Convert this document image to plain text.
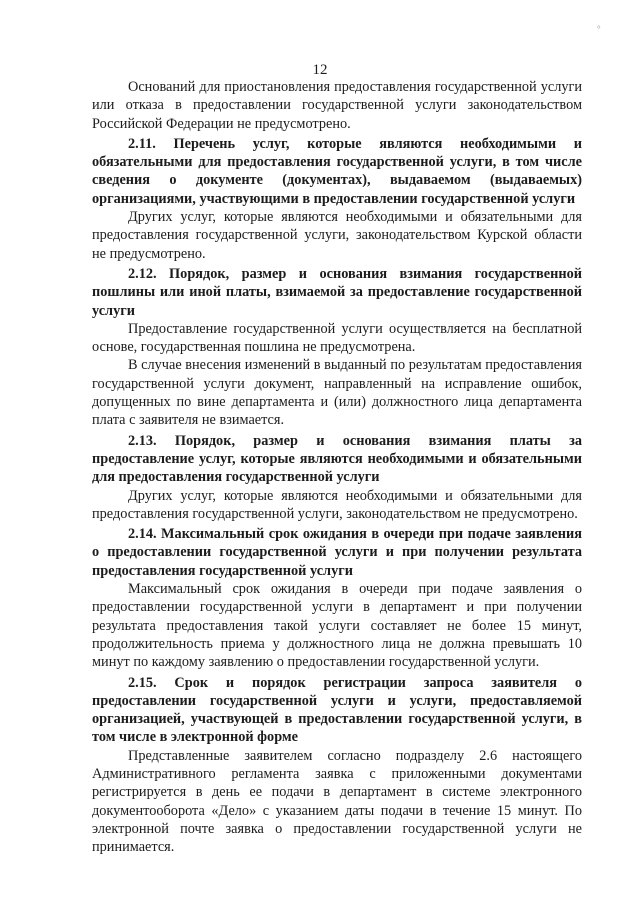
°
12

Оснований для приостановления предоставления государственной услуги или отказа в предоставлении государственной услуги законодательством Российской Федерации не предусмотрено.

2.11. Перечень услуг, которые являются необходимыми и обязательными для предоставления государственной услуги, в том числе сведения о документе (документах), выдаваемом (выдаваемых) организациями, участвующими в предоставлении государственной услуги

Других услуг, которые являются необходимыми и обязательными для предоставления государственной услуги, законодательством Курской области не предусмотрено.

2.12. Порядок, размер и основания взимания государственной пошлины или иной платы, взимаемой за предоставление государственной услуги

Предоставление государственной услуги осуществляется на бесплатной основе, государственная пошлина не предусмотрена.

В случае внесения изменений в выданный по результатам предоставления государственной услуги документ, направленный на исправление ошибок, допущенных по вине департамента и (или) должностного лица департамента плата с заявителя не взимается.

2.13. Порядок, размер и основания взимания платы за предоставление услуг, которые являются необходимыми и обязательными для предоставления государственной услуги

Других услуг, которые являются необходимыми и обязательными для предоставления государственной услуги, законодательством не предусмотрено.

2.14. Максимальный срок ожидания в очереди при подаче заявления о предоставлении государственной услуги и при получении результата предоставления государственной услуги

Максимальный срок ожидания в очереди при подаче заявления о предоставлении государственной услуги в департамент и при получении результата предоставления такой услуги составляет не более 15 минут, продолжительность приема у должностного лица не должна превышать 10 минут по каждому заявлению о предоставлении государственной услуги.

2.15. Срок и порядок регистрации запроса заявителя о предоставлении государственной услуги и услуги, предоставляемой организацией, участвующей в предоставлении государственной услуги, в том числе в электронной форме

Представленные заявителем согласно подразделу 2.6 настоящего Административного регламента заявка с приложенными документами регистрируется в день ее подачи в департамент в системе электронного документооборота «Дело» с указанием даты подачи в течение 15 минут. По электронной почте заявка о предоставлении государственной услуги не принимается.
